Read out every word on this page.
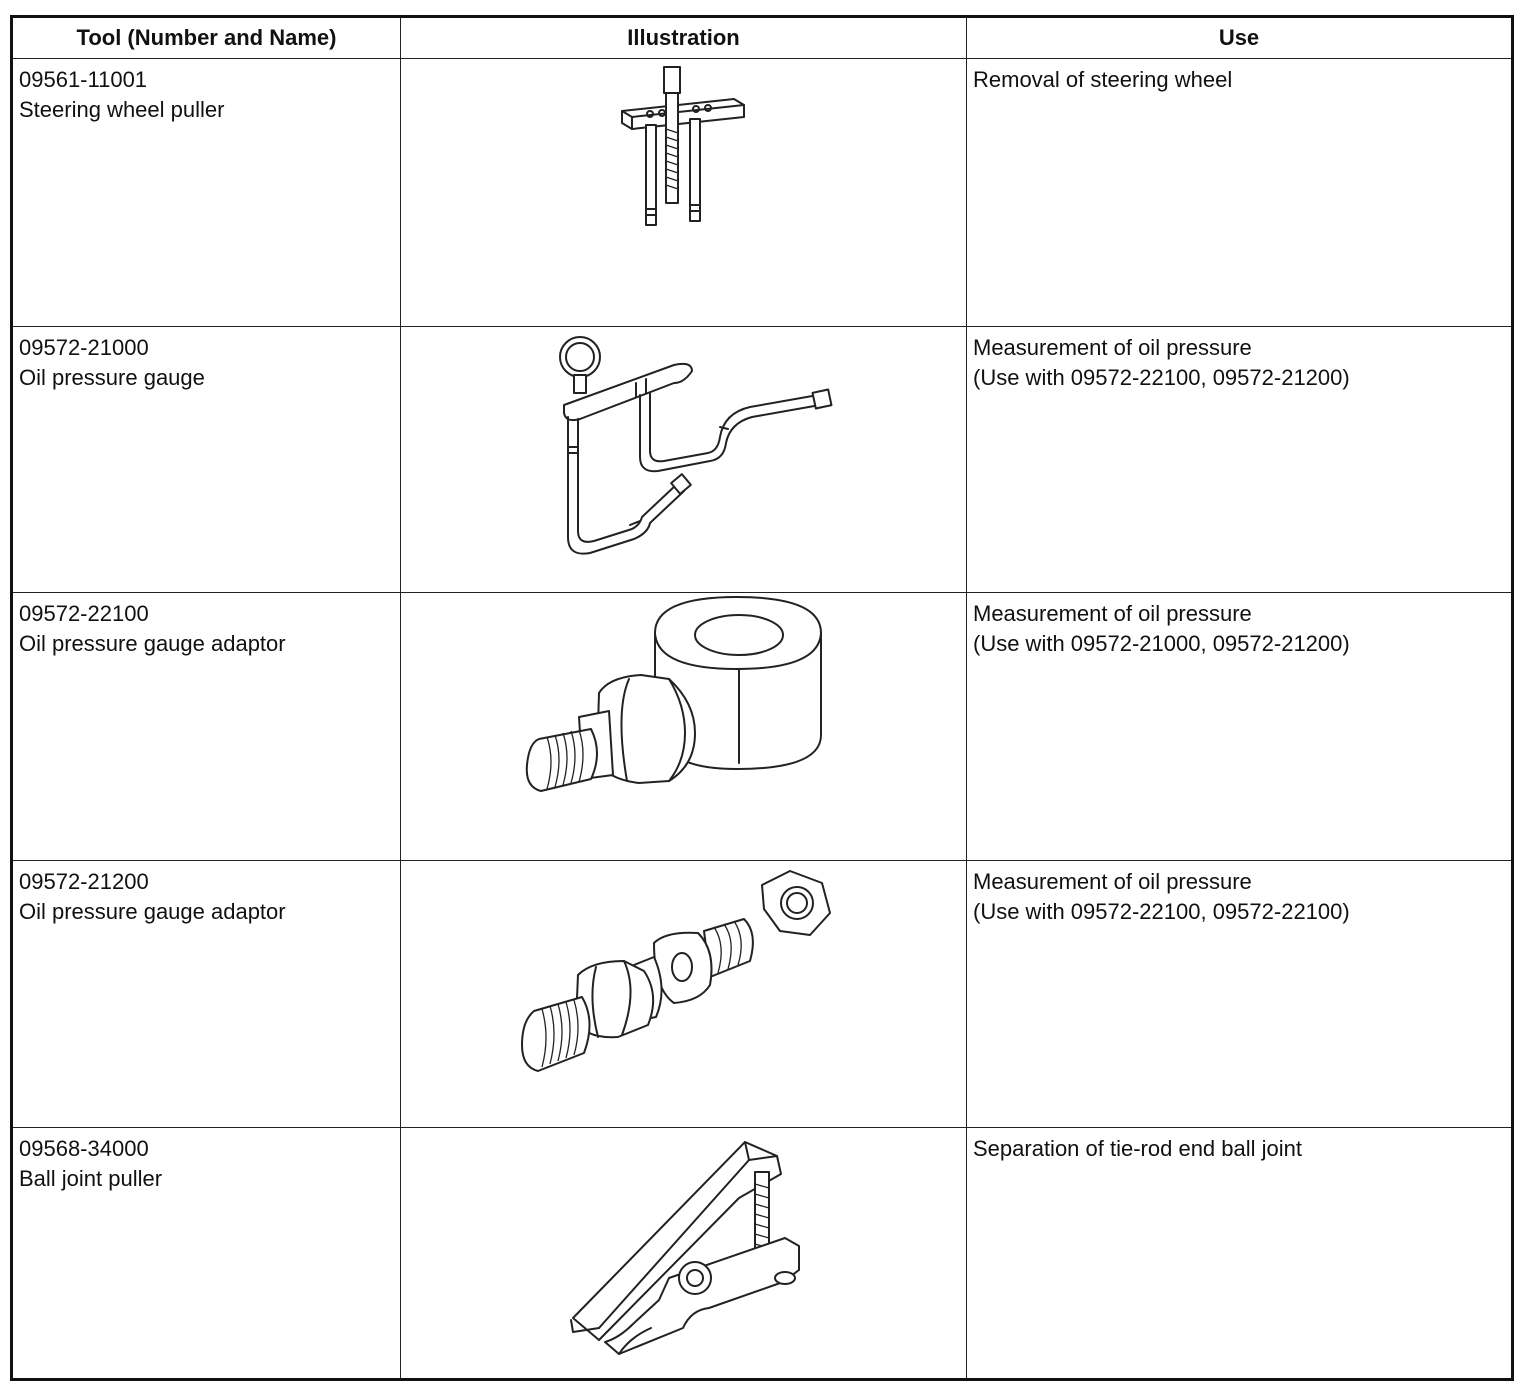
Tool (Number and Name)	Illustration	Use

09561-11001
Steering wheel puller		Removal of steering wheel

09572-21000
Oil pressure gauge		Measurement of oil pressure
(Use with 09572-22100, 09572-21200)

09572-22100
Oil pressure gauge adaptor		Measurement of oil pressure
(Use with 09572-21000, 09572-21200)

09572-21200
Oil pressure gauge adaptor		Measurement of oil pressure
(Use with 09572-22100, 09572-22100)

09568-34000
Ball joint puller		Separation of tie-rod end ball joint
